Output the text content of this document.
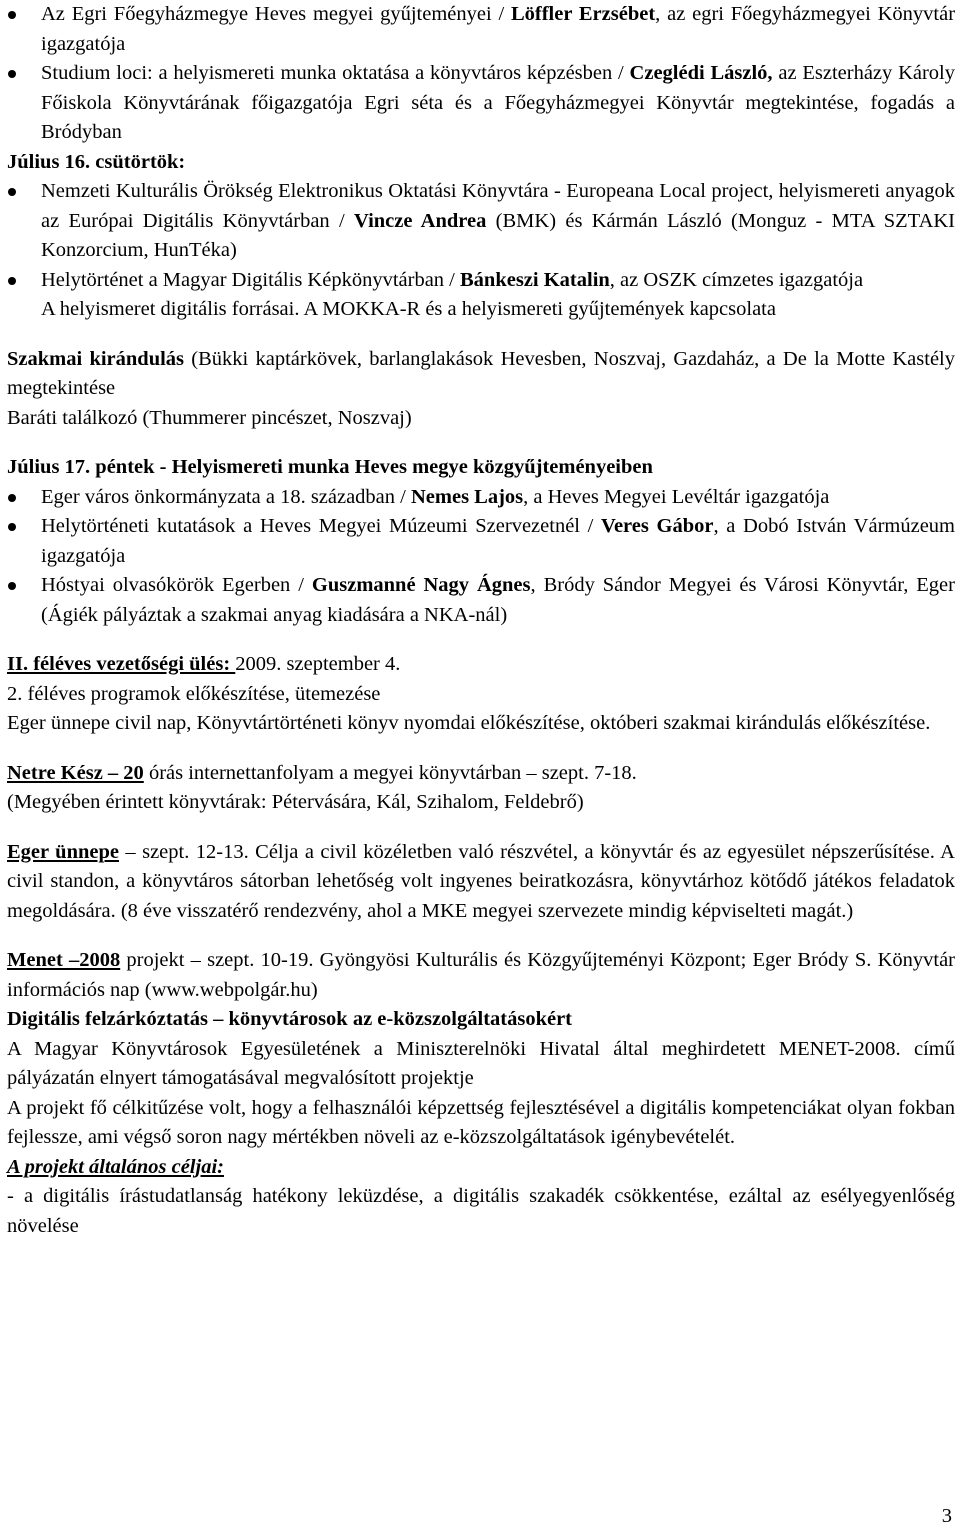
Az Egri Főegyházmegye Heves megyei gyűjteményei / Löffler Erzsébet, az egri Főegyházmegyei Könyvtár igazgatója
Studium loci: a helyismereti munka oktatása a könyvtáros képzésben / Czeglédi László, az Eszterházy Károly Főiskola Könyvtárának főigazgatója Egri séta és a Főegyházmegyei Könyvtár megtekintése, fogadás a Bródyban
Július 16. csütörtök:
Nemzeti Kulturális Örökség Elektronikus Oktatási Könyvtára - Europeana Local project, helyismereti anyagok az Európai Digitális Könyvtárban / Vincze Andrea (BMK) és Kármán László (Monguz - MTA SZTAKI Konzorcium, HunTéka)
Helytörténet a Magyar Digitális Képkönyvtárban / Bánkeszi Katalin, az OSZK címzetes igazgatója
A helyismeret digitális forrásai. A MOKKA-R és a helyismereti gyűjtemények kapcsolata
Szakmai kirándulás (Bükki kaptárkövek, barlanglakások Hevesben, Noszvaj, Gazdaház, a De la Motte Kastély megtekintése
Baráti találkozó (Thummerer pincészet, Noszvaj)
Július 17. péntek - Helyismereti munka Heves megye közgyűjteményeiben
Eger város önkormányzata a 18. században / Nemes Lajos, a Heves Megyei Levéltár igazgatója
Helytörténeti kutatások a Heves Megyei Múzeumi Szervezetnél / Veres Gábor, a Dobó István Vármúzeum igazgatója
Hóstyai olvasókörök Egerben / Guszmanné Nagy Ágnes, Bródy Sándor Megyei és Városi Könyvtár, Eger (Ágiék pályáztak a szakmai anyag kiadására a NKA-nál)
II. féléves vezetőségi ülés: 2009. szeptember 4.
2. féléves programok előkészítése, ütemezése
Eger ünnepe civil nap, Könyvtártörténeti könyv nyomdai előkészítése, októberi szakmai kirándulás előkészítése.
Netre Kész – 20 órás internettanfolyam a megyei könyvtárban – szept. 7-18.
(Megyében érintett könyvtárak: Pétervására, Kál, Szihalom, Feldebrő)
Eger ünnepe – szept. 12-13. Célja a civil közéletben való részvétel, a könyvtár és az egyesület népszerűsítése. A civil standon, a könyvtáros sátorban lehetőség volt ingyenes beiratkozásra, könyvtárhoz kötődő játékos feladatok megoldására. (8 éve visszatérő rendezvény, ahol a MKE megyei szervezete mindig képviselteti magát.)
Menet –2008 projekt – szept. 10-19. Gyöngyösi Kulturális és Közgyűjteményi Központ; Eger Bródy S. Könyvtár információs nap (www.webpolgár.hu)
Digitális felzárkóztatás – könyvtárosok az e-közszolgáltatásokért
A Magyar Könyvtárosok Egyesületének a Miniszterelnöki Hivatal által meghirdetett MENET-2008. című pályázatán elnyert támogatásával megvalósított projektje
A projekt fő célkitűzése volt, hogy a felhasználói képzettség fejlesztésével a digitális kompetenciákat olyan fokban fejlessze, ami végső soron nagy mértékben növeli az e-közszolgáltatások igénybevételét.
A projekt általános céljai:
- a digitális írástudatlanság hatékony leküzdése, a digitális szakadék csökkentése, ezáltal az esélyegyenlőség növelése
3
